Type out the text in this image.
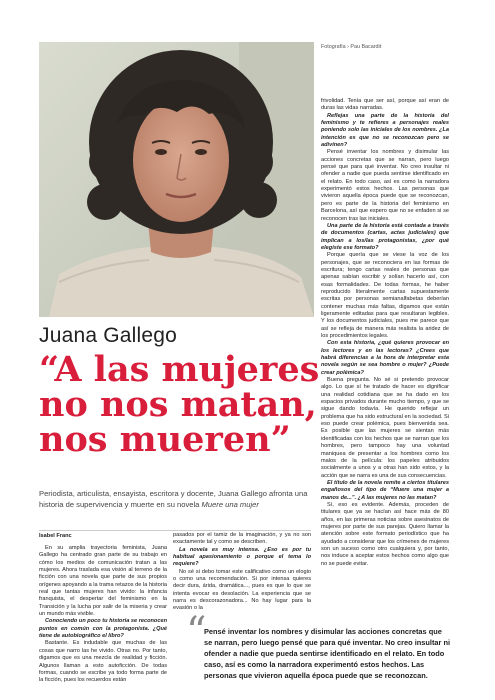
Fotografía › Pau Bacardit
Juana Gallego
“A las mujeres
no nos matan,
nos mueren”

Periodista, articulista, ensayista, escritora y docente, Juana Gallego afronta una historia de supervivencia y muerte en su novela Muere una mujer

Isabel Franc

En su amplia trayectoria feminista, Juana Gallego ha centrado gran parte de su trabajo en cómo los medios de comunicación tratan a las mujeres. Ahora traslada esa visión al terreno de la ficción con una novela que parte de sus propios orígenes apoyando a la trama retazos de la historia real que tantas mujeres han vivido: la infancia franquista, el despertar del feminismo en la Transición y la lucha por salir de la miseria y crear un mundo más vivible.

Conociendo un poco tu historia se reconocen puntos en común con la protagonista. ¿Qué tiene de autobiográfico el libro?

Bastante. Es indudable que muchas de las cosas que narro las he vivido. Otras no. Por tanto, digamos que es una mezcla de realidad y ficción. Algunos llaman a esto autoficción. De todas formas, cuando se escribe ya todo forma parte de la ficción, pues los recuerdos están

pasados por el tamiz de la imaginación, y ya no son exactamente tal y como se describen.

La novela es muy intensa. ¿Eso es por tu habitual apasionamiento o porque el tema lo requiere?

No sé si debo tomar este calificativo como un elogio o como una recomendación. Si por intensa quieres decir dura, árida, dramática..., pues es que lo que se intenta evocar es desolación. La experiencia que se narra es descorazonadora... No hay lugar para la evasión o la

frivolidad. Tenía que ser así, porque así eran de duras las vidas narradas.

Reflejas una parte de la historia del feminismo y te refieres a personajes reales poniendo solo las iniciales de los nombres. ¿La intención es que no se reconozcan pero se adivinen?

Pensé inventar los nombres y disimular las acciones concretas que se narran, pero luego pensé que para qué inventar. No creo insultar ni ofender a nadie que pueda sentirse identificado en el relato. En todo caso, así es como la narradora experimentó estos hechos. Las personas que vivieron aquella época puede que se reconozcan, pero es parte de la historia del feminismo en Barcelona, así que espero que no se enfaden si se reconocen tras las iniciales.

Una parte de la historia está contada a través de documentos (cartas, actas judiciales) que implican a los/las protagonistas, ¿por qué elegiste ese formato?

Porque quería que se viese la voz de los personajes, que se reconociera en las formas de escritura; tengo cartas reales de personas que apenas sabían escribir y solían hacerlo así, con esas formalidades. De todas formas, he haber reproducido literalmente cartas supuestamente escritas por personas semianalfabetas deberían contener muchas más faltas, digamos que están ligeramente editadas para que resultaran legibles. Y los documentos judiciales, pues me parece que así se refleja de manera más realista la aridez de los procedimientos legales.

Con esta historia, ¿qué quieres provocar en los lectores y en las lectoras? ¿Crees que habrá diferencias a la hora de interpretar esta novela según se sea hombre o mujer? ¿Puede crear polémica?

Buena pregunta. No sé si pretendo provocar algo. Lo que sí he tratado de hacer es dignificar una realidad cotidiana que se ha dado en los espacios privados durante mucho tiempo, y que se sigue dando todavía. He querido reflejar un problema que ha sido estructural en la sociedad. Si eso puede crear polémica, pues bienvenida sea. Es posible que las mujeres se sientan más identificadas con los hechos que se narran que los hombres, pero tampoco hay una voluntad maniquea de presentar a los hombres como los malos de la película: los papeles atribuidos socialmente a unos y a otras han sido estos, y la acción que se narra es una de sus consecuencias.

El título de la novela remite a ciertos titulares engañosos del tipo de “Muere una mujer a manos de...”. ¿A las mujeres no las matan?

Sí, eso es evidente. Además, proceden de titulares que ya se hacían así hace más de 80 años, en las primeras noticias sobre asesinatos de mujeres por parte de sus parejas. Quiero llamar la atención sobre este formato periodístico que ha ayudado a considerar que los crímenes de mujeres son un suceso como otro cualquiera y, por tanto, nos induce a aceptar estos hechos como algo que no se puede evitar.

“

Pensé inventar los nombres y disimular las acciones concretas que se narran, pero luego pensé que para qué inventar. No creo insultar ni ofender a nadie que pueda sentirse identificado en el relato. En todo caso, así es como la narradora experimentó estos hechos. Las personas que vivieron aquella época puede que se reconozcan.
